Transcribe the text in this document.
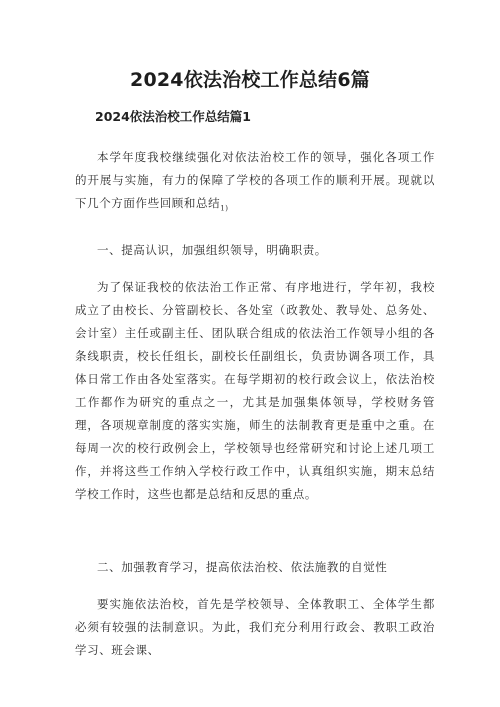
2024依法治校工作总结6篇
2024依法治校工作总结篇1

本学年度我校继续强化对依法治校工作的领导，强化各项工作的开展与实施，有力的保障了学校的各项工作的顺利开展。现就以下几个方面作些回顾和总结$_{1)}$

一、提高认识，加强组织领导，明确职责。

为了保证我校的依法治工作正常、有序地进行，学年初，我校成立了由校长、分管副校长、各处室（政教处、教导处、总务处、会计室）主任或副主任、团队联合组成的依法治工作领导小组的各条线职责，校长任组长，副校长任副组长，负责协调各项工作，具体日常工作由各处室落实。在每学期初的校行政会议上，依法治校工作都作为研究的重点之一，尤其是加强集体领导，学校财务管理，各项规章制度的落实实施，师生的法制教育更是重中之重。在每周一次的校行政例会上，学校领导也经常研究和讨论上述几项工作，并将这些工作纳入学校行政工作中，认真组织实施，期末总结学校工作时，这些也都是总结和反思的重点。

二、加强教育学习，提高依法治校、依法施教的自觉性

要实施依法治校，首先是学校领导、全体教职工、全体学生都必须有较强的法制意识。为此，我们充分利用行政会、教职工政治学习、班会课、
